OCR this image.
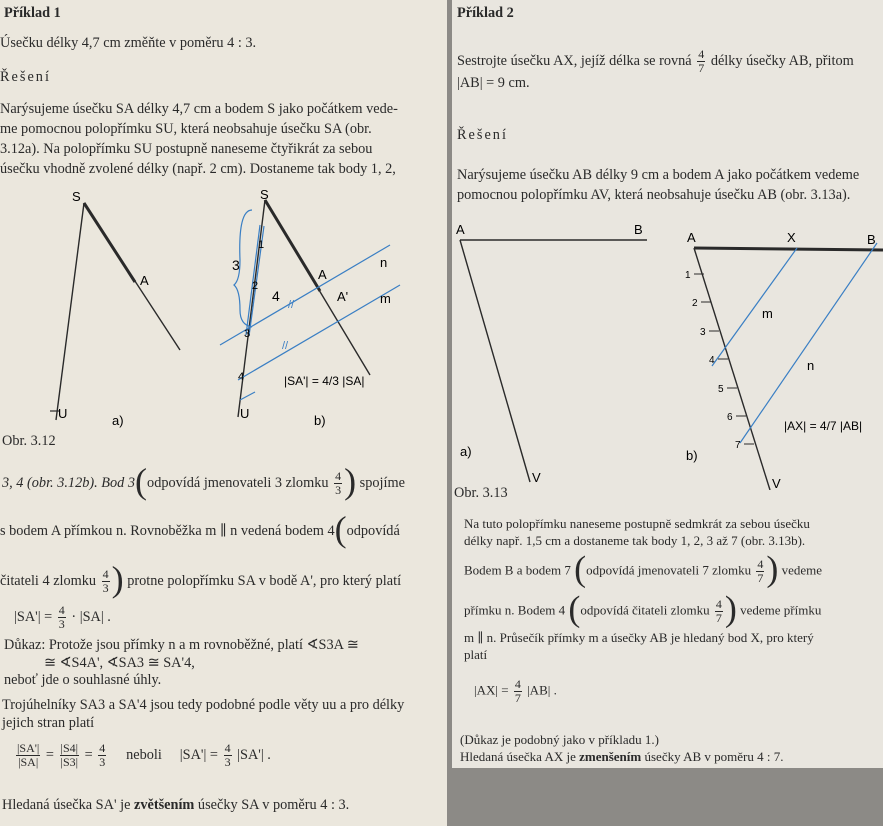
Příklad 1
Úsečku délky 4,7 cm změňte v poměru 4 : 3.
Řešení
Narýsujeme úsečku SA délky 4,7 cm a bodem S jako počátkem vede-
me pomocnou polopřímku SU, která neobsahuje úsečku SA (obr.
3.12a). Na polopřímku SU postupně naneseme čtyřikrát za sebou
úsečku vhodně zvolené délky (např. 2 cm). Dostaneme tak body 1, 2,
S
A
U	a)
1
2
3
4
S
A
A'
n
m
3
4
//
//
|SA'| = 4/3 |SA|
U	b)
Obr. 3.12
3, 4 (obr. 3.12b). Bod 3(odpovídá jmenovateli 3 zlomku $\frac{4}{3}$ ) spojíme
s bodem A přímkou n. Rovnoběžka m ∥ n vedená bodem 4(odpovídá
čitateli 4 zlomku $\frac{4}{3}$ ) protne polopřímku SA v bodě A', pro který platí
$|SA'| = \frac{4}{3} \cdot |SA|$ .
Důkaz: Protože jsou přímky n a m rovnoběžné, platí ∢S3A ≅
≅ ∢S4A', ∢SA3 ≅ SA'4,
neboť jde o souhlasné úhly.
Trojúhelníky SA3 a SA'4 jsou tedy podobné podle věty uu a pro délky
jejich stran platí
$\frac{|SA'|}{|SA|} = \frac{|S4|}{|S3|} = \frac{4}{3}$ neboli $|SA'| = \frac{4}{3} |SA'|$ .
Hledaná úsečka SA' je zvětšením úsečky SA v poměru 4 : 3.
Příklad 2
Sestrojte úsečku AX, jejíž délka se rovná $\frac{4}{7}$ délky úsečky AB, přitom
|AB| = 9 cm.
Řešení
Narýsujeme úsečku AB délky 9 cm a bodem A jako počátkem vedeme
pomocnou polopřímku AV, která neobsahuje úsečku AB (obr. 3.13a).
A	B
V
a)
A	X	B
1
2
3
4
5
6
7
m
n
|AX| = 4/7 |AB|
V
b)
Obr. 3.13
Na tuto polopřímku naneseme postupně sedmkrát za sebou úsečku
délky např. 1,5 cm a dostaneme tak body 1, 2, 3 až 7 (obr. 3.13b).
Bodem B a bodem 7 (odpovídá jmenovateli 7 zlomku $\frac{4}{7}$ ) vedeme
přímku n. Bodem 4 (odpovídá čitateli zlomku $\frac{4}{7}$ ) vedeme přímku
m ∥ n. Průsečík přímky m a úsečky AB je hledaný bod X, pro který
platí
$|AX| = \frac{4}{7} |AB|$ .
(Důkaz je podobný jako v příkladu 1.)
Hledaná úsečka AX je zmenšením úsečky AB v poměru 4 : 7.
